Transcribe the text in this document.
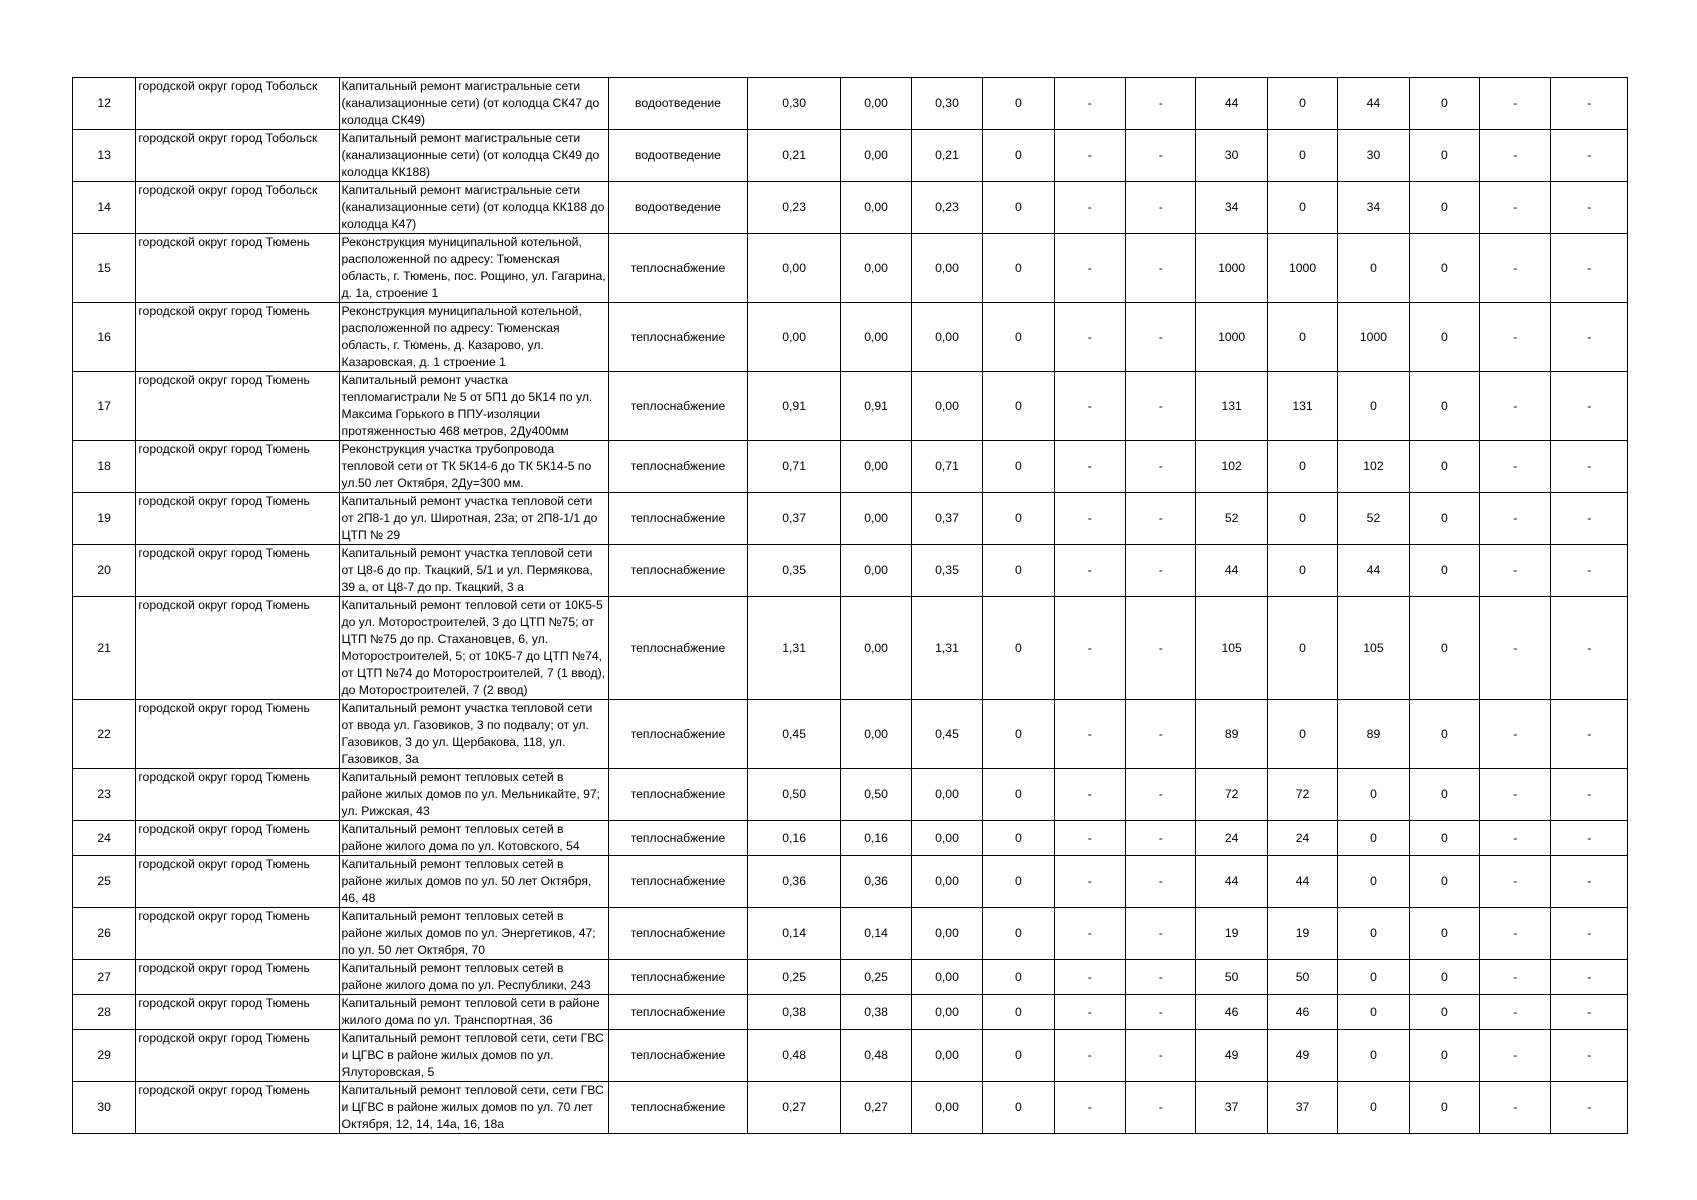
12	городской округ город Тобольск	Капитальный ремонт магистральные сети (канализационные сети) (от колодца СК47 до колодца СК49)	водоотведение	0,30	0,00	0,30	0	-	-	44	0	44	0	-	-
13	городской округ город Тобольск	Капитальный ремонт магистральные сети (канализационные сети) (от колодца СК49 до колодца КК188)	водоотведение	0,21	0,00	0,21	0	-	-	30	0	30	0	-	-
14	городской округ город Тобольск	Капитальный ремонт магистральные сети (канализационные сети) (от колодца КК188 до колодца К47)	водоотведение	0,23	0,00	0,23	0	-	-	34	0	34	0	-	-
15	городской округ город Тюмень	Реконструкция муниципальной котельной, расположенной по адресу: Тюменская область, г. Тюмень, пос. Рощино, ул. Гагарина, д. 1а, строение 1	теплоснабжение	0,00	0,00	0,00	0	-	-	1000	1000	0	0	-	-
16	городской округ город Тюмень	Реконструкция муниципальной котельной, расположенной по адресу: Тюменская область, г. Тюмень, д. Казарово, ул. Казаровская, д. 1 строение 1	теплоснабжение	0,00	0,00	0,00	0	-	-	1000	0	1000	0	-	-
17	городской округ город Тюмень	Капитальный ремонт участка тепломагистрали № 5 от 5П1 до 5К14 по ул. Максима Горького в ППУ-изоляции протяженностью 468 метров, 2Ду400мм	теплоснабжение	0,91	0,91	0,00	0	-	-	131	131	0	0	-	-
18	городской округ город Тюмень	Реконструкция участка трубопровода тепловой сети от ТК 5К14-6 до ТК 5К14-5 по ул.50 лет Октября, 2Ду=300 мм.	теплоснабжение	0,71	0,00	0,71	0	-	-	102	0	102	0	-	-
19	городской округ город Тюмень	Капитальный ремонт участка тепловой сети от 2П8-1 до ул. Широтная, 23а; от 2П8-1/1 до ЦТП № 29	теплоснабжение	0,37	0,00	0,37	0	-	-	52	0	52	0	-	-
20	городской округ город Тюмень	Капитальный ремонт участка тепловой сети от Ц8-6 до пр. Ткацкий, 5/1 и ул. Пермякова, 39 а, от Ц8-7 до пр. Ткацкий, 3 а	теплоснабжение	0,35	0,00	0,35	0	-	-	44	0	44	0	-	-
21	городской округ город Тюмень	Капитальный ремонт тепловой сети от 10К5-5 до ул. Моторостроителей, 3 до ЦТП №75; от ЦТП №75 до пр. Стахановцев, 6, ул. Моторостроителей, 5; от 10К5-7 до ЦТП №74, от ЦТП №74 до Моторостроителей, 7 (1 ввод), до Моторостроителей, 7 (2 ввод)	теплоснабжение	1,31	0,00	1,31	0	-	-	105	0	105	0	-	-
22	городской округ город Тюмень	Капитальный ремонт участка тепловой сети от ввода ул. Газовиков, 3 по подвалу; от ул. Газовиков, 3 до ул. Щербакова, 118, ул. Газовиков, 3а	теплоснабжение	0,45	0,00	0,45	0	-	-	89	0	89	0	-	-
23	городской округ город Тюмень	Капитальный ремонт тепловых сетей в районе жилых домов по ул. Мельникайте, 97; ул. Рижская, 43	теплоснабжение	0,50	0,50	0,00	0	-	-	72	72	0	0	-	-
24	городской округ город Тюмень	Капитальный ремонт тепловых сетей в районе жилого дома по ул. Котовского, 54	теплоснабжение	0,16	0,16	0,00	0	-	-	24	24	0	0	-	-
25	городской округ город Тюмень	Капитальный ремонт тепловых сетей в районе жилых домов по ул. 50 лет Октября, 46, 48	теплоснабжение	0,36	0,36	0,00	0	-	-	44	44	0	0	-	-
26	городской округ город Тюмень	Капитальный ремонт тепловых сетей в районе жилых домов по ул. Энергетиков, 47; по ул. 50 лет Октября, 70	теплоснабжение	0,14	0,14	0,00	0	-	-	19	19	0	0	-	-
27	городской округ город Тюмень	Капитальный ремонт тепловых сетей в районе жилого дома по ул. Республики, 243	теплоснабжение	0,25	0,25	0,00	0	-	-	50	50	0	0	-	-
28	городской округ город Тюмень	Капитальный ремонт тепловой сети в районе жилого дома по ул. Транспортная, 36	теплоснабжение	0,38	0,38	0,00	0	-	-	46	46	0	0	-	-
29	городской округ город Тюмень	Капитальный ремонт тепловой сети, сети ГВС и ЦГВС в районе жилых домов по ул. Ялуторовская, 5	теплоснабжение	0,48	0,48	0,00	0	-	-	49	49	0	0	-	-
30	городской округ город Тюмень	Капитальный ремонт тепловой сети, сети ГВС и ЦГВС в районе жилых домов по ул. 70 лет Октября, 12, 14, 14а, 16, 18а	теплоснабжение	0,27	0,27	0,00	0	-	-	37	37	0	0	-	-
